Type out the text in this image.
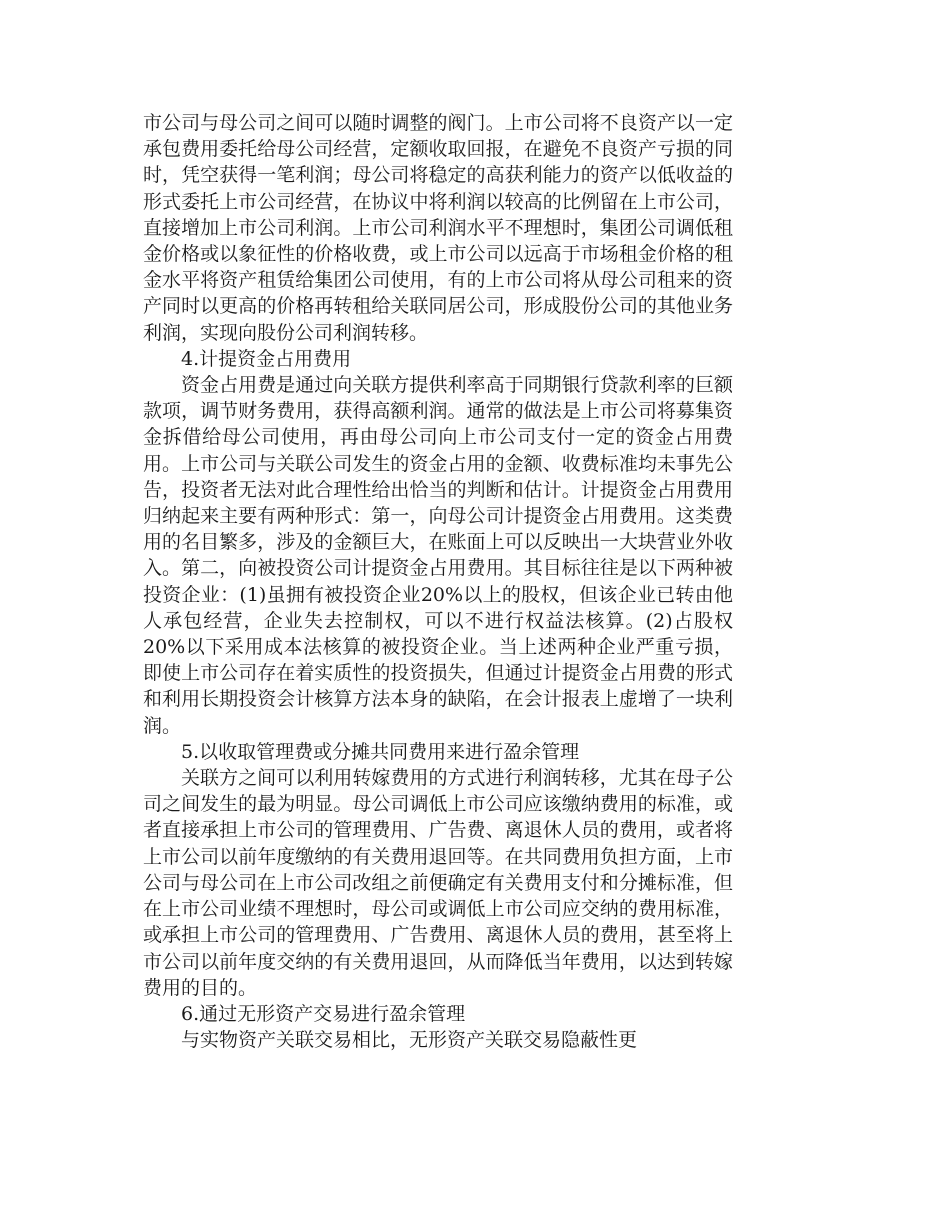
市公司与母公司之间可以随时调整的阀门。上市公司将不良资产以一定承包费用委托给母公司经营，定额收取回报，在避免不良资产亏损的同时，凭空获得一笔利润；母公司将稳定的高获利能力的资产以低收益的形式委托上市公司经营，在协议中将利润以较高的比例留在上市公司，直接增加上市公司利润。上市公司利润水平不理想时，集团公司调低租金价格或以象征性的价格收费，或上市公司以远高于市场租金价格的租金水平将资产租赁给集团公司使用，有的上市公司将从母公司租来的资产同时以更高的价格再转租给关联同居公司，形成股份公司的其他业务利润，实现向股份公司利润转移。

4.计提资金占用费用

资金占用费是通过向关联方提供利率高于同期银行贷款利率的巨额款项，调节财务费用，获得高额利润。通常的做法是上市公司将募集资金拆借给母公司使用，再由母公司向上市公司支付一定的资金占用费用。上市公司与关联公司发生的资金占用的金额、收费标准均未事先公告，投资者无法对此合理性给出恰当的判断和估计。计提资金占用费用归纳起来主要有两种形式：第一，向母公司计提资金占用费用。这类费用的名目繁多，涉及的金额巨大，在账面上可以反映出一大块营业外收入。第二，向被投资公司计提资金占用费用。其目标往往是以下两种被投资企业：(1)虽拥有被投资企业20%以上的股权，但该企业已转由他人承包经营，企业失去控制权，可以不进行权益法核算。(2)占股权20%以下采用成本法核算的被投资企业。当上述两种企业严重亏损，即使上市公司存在着实质性的投资损失，但通过计提资金占用费的形式和利用长期投资会计核算方法本身的缺陷，在会计报表上虚增了一块利润。

5.以收取管理费或分摊共同费用来进行盈余管理

关联方之间可以利用转嫁费用的方式进行利润转移，尤其在母子公司之间发生的最为明显。母公司调低上市公司应该缴纳费用的标准，或者直接承担上市公司的管理费用、广告费、离退休人员的费用，或者将上市公司以前年度缴纳的有关费用退回等。在共同费用负担方面，上市公司与母公司在上市公司改组之前便确定有关费用支付和分摊标准，但在上市公司业绩不理想时，母公司或调低上市公司应交纳的费用标准，或承担上市公司的管理费用、广告费用、离退休人员的费用，甚至将上市公司以前年度交纳的有关费用退回，从而降低当年费用，以达到转嫁费用的目的。

6.通过无形资产交易进行盈余管理

与实物资产关联交易相比，无形资产关联交易隐蔽性更
